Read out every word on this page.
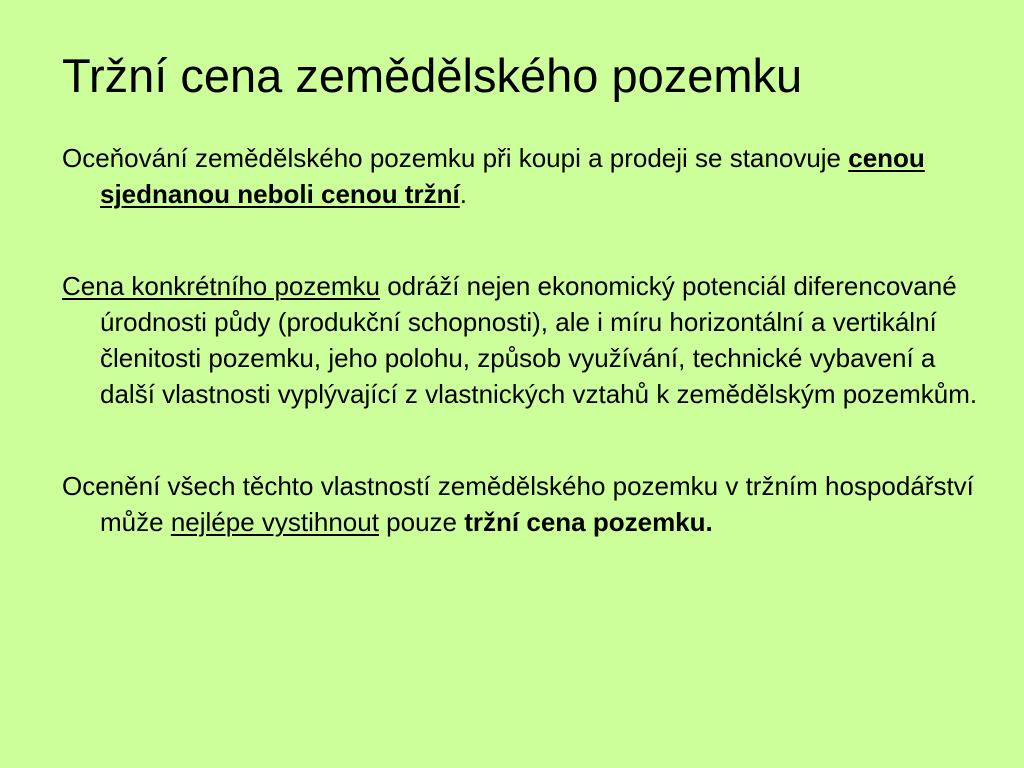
Tržní cena zemědělského pozemku
Oceňování zemědělského pozemku při koupi a prodeji se stanovuje cenou sjednanou neboli cenou tržní.
Cena konkrétního pozemku odráží nejen ekonomický potenciál diferencované úrodnosti půdy (produkční schopnosti), ale i míru horizontální a vertikální členitosti pozemku, jeho polohu, způsob využívání, technické vybavení a další vlastnosti vyplývající z vlastnických vztahů k zemědělským pozemkům.
Ocenění všech těchto vlastností zemědělského pozemku v tržním hospodářství může nejlépe vystihnout pouze tržní cena pozemku.
